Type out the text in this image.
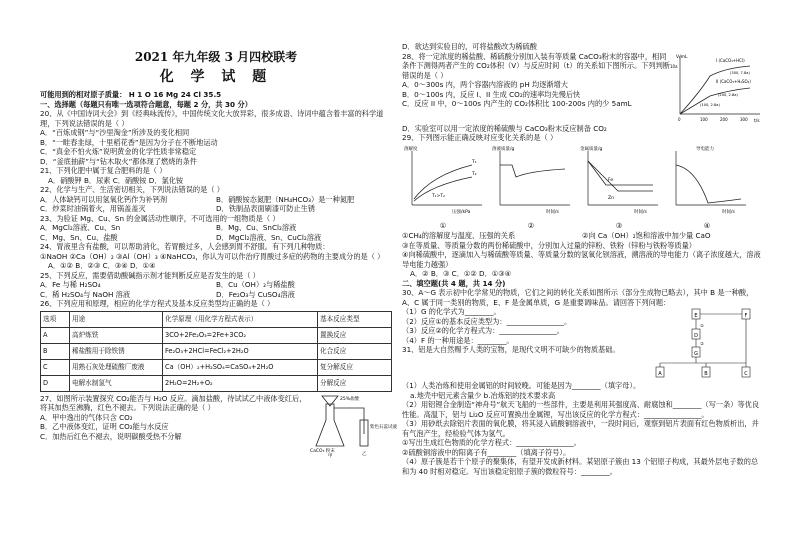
2021 年九年级 3 月四校联考
化 学 试 题

可能用到的相对原子质量： H 1 O 16 Mg 24 Cl 35.5

一、选择题（每题只有唯一选项符合题意，每题 2 分，共 30 分）

20、从《中国诗词大会》到《经典咏流传》，中国传统文化大放异彩，很多成语、诗词中蕴含着丰富的科学道理，下列说法错误的是（ ）

A．“百炼成钢”与“沙里淘金”所涉及的变化相同

B．“一畦春韭绿，十里稻花香”是因为分子在不断地运动

C．“真金不怕火炼”说明黄金的化学性质非常稳定

D．“釜底抽薪”与“钻木取火”都体现了燃烧的条件

21、下列化肥中属于复合肥料的是（ ）

A．硝酸钾 B．尿素 C．硝酸铵 D．氯化铵

22、化学与生产、生活密切相关，下列说法错误的是（ ）

A．人体缺钙可以用氢氧化钙作为补钙剂	B．硝酸铵态氮肥（NH₄HCO₃）是一种氮肥
C．炒菜时油锅着火，用锅盖盖灭	D．铁制品表面刷漆可防止生锈

23、为验证 Mg、Cu、Sn 的金属活动性顺序，不可选用的一组物质是（ ）

A．MgCl₂溶液、Cu、Sn	B．Mg、Cu、SnCl₂溶液
C．Mg、Sn、Cu、盐酸	D．MgCl₂溶液、Sn、CuCl₂溶液

24、胃液里含有盐酸，可以帮助消化，若胃酸过多，人会感到胃不舒服。有下列几种物质：

①NaOH ②Ca（OH）₂ ③Al（OH）₃ ④NaHCO₃，你认为可以作治疗胃酸过多症的药物的主要成分的是（ ）

A．①② B．②③ C．③④ D．①④

25、下列反应，需要借助酸碱指示剂才能判断反应是否发生的是（ ）

A．Fe 与稀 H₂SO₄	B．Cu（OH）₂与稀盐酸
C．稀 H₂SO₄与 NaOH 溶液	D．Fe₂O₃与 CuSO₄溶液

26、下列应用和原理，相应的化学方程式及基本反应类型均正确的是（ ）

选项	用途	化学原理（用化学方程式表示）	基本反应类型
A	高炉炼铁	3CO+2Fe₂O₃=2Fe+3CO₂	置换反应
B	稀盐酸用于除铁锈	Fe₂O₃+2HCl=FeCl₂+2H₂O	化合反应
C	用熟石灰处理硫酸厂废液	Ca（OH）₂+H₂SO₄=CaSO₄+2H₂O	复分解反应
D	电解水制氢气	2H₂O=2H₂+O₂	分解反应

27、如图所示装置探究 CO₂能否与 H₂O 反应。滴加盐酸，待试试乙中液体变红后，将其加热至沸腾，红色不褪去。下列说法正确的是（ ）

A．甲中逸出的气体只含 CO₂

B．乙中液体变红，证明 CO₂能与水反应

C．加热后红色不褪去，说明碳酸受热不分解

25%盐酸
紫色石蕊试液
CaCO₃ 粉末
甲	乙

D．欲达到实验目的，可将盐酸改为稀硫酸

28、将一定浓度的稀盐酸、稀硫酸分别加入装有等质量 CaCO₃粉末的容器中，相同条件下测得两者产生的 CO₂体积（V）与反应时间（t）的关系如下图所示。下列判断错误的是（ ）

A．0～300s 内，两个容器内溶液的 pH 均逐渐增大

B．0～100s 内，反应 I、II 生成 CO₂的速率均先慢后快

C．反应 II 中，0～100s 内产生的 CO₂体积比 100-200s 内的少 5amL

V/mL
t/s
10a
I (CaCO₃+HCl)
II (CaCO₃+H₂SO₄)
(300, 7.8a)
(200, 2.8a)
(100, 2.8a)
0	100	200	300

D．实验室可以用一定浓度的稀硫酸与 CaCO₃粉末反应制备 CO₂

29、下列图示能正确反映对应变化关系的是（ ）

溶解度
压强/kPa
T₁
T₂
T₁>T₂
溶液质量/g
时间/s
金属质量/g
Fe
Zn
时间/s
导电能力
时间/s
①	②	③	④
①CH₄的溶解度与温度、压强的关系	②向 Ca（OH）₂饱和溶液中加少量 CaO

③在等质量、等质量分数的两份稀硫酸中，分别加入过量的锌粉、铁粉（锌粉与铁粉等质量）

④向稀硫酸中，逐滴加入与稀硫酸等质量、等质量分数的氢氧化钡溶液，溯溶液的导电能力（离子浓度越大，溶液导电能力越强）

A．② B．③ C．①② D．①③④

二、填空题(共 4 题，共 14 分)

30、A～G 表示初中化学常见的物质，它们之间的转化关系如图所示（部分生成物已略去），其中 B 是一种酸，A、C 属于同一类别的物质，E、F 是金属单质，G 是重要调味品。请回答下列问题：

（1）G 的化学式为________。

（2）反应①的基本反应类型为：________________。

（3）反应②的化学方程式为：________________。

（4）F 的一种用途是：________。

31、铝是大自然赐予人类的宝物，是现代文明不可缺少的物质基础。

E	F
D
G
A	B	C
①
②

（1）人类冶炼和使用金属铝的时间较晚。可能是因为________（填字母）。

a.地壳中铝元素含量少 b.冶炼铝的技术要求高

（2）用铝锂合金制造“神舟号”航天飞船的一些部件，主要是利用其强度高、耐腐蚀和________（写一条）等优良性能。高温下，铝与 Li₂O 反应可置换出金属锂，写出该反应的化学方程式：________________。

（3）用砂纸去除铝片表面的氧化膜，将其浸入硫酸铜溶液中，一段时间后，观察到铝片表面有红色物质析出，并有气泡产生，经检验气体为氢气。

①写出生成红色物质的化学方程式：________________。

②硫酸铜溶液中的阳离子有________（填离子符号）。

（4）原子簇是若干个原子的聚集体，有望开发成新材料。某铝原子簇由 13 个铝原子构成，其最外层电子数的总和为 40 时相对稳定。写出该稳定铝原子簇的微粒符号：________。
